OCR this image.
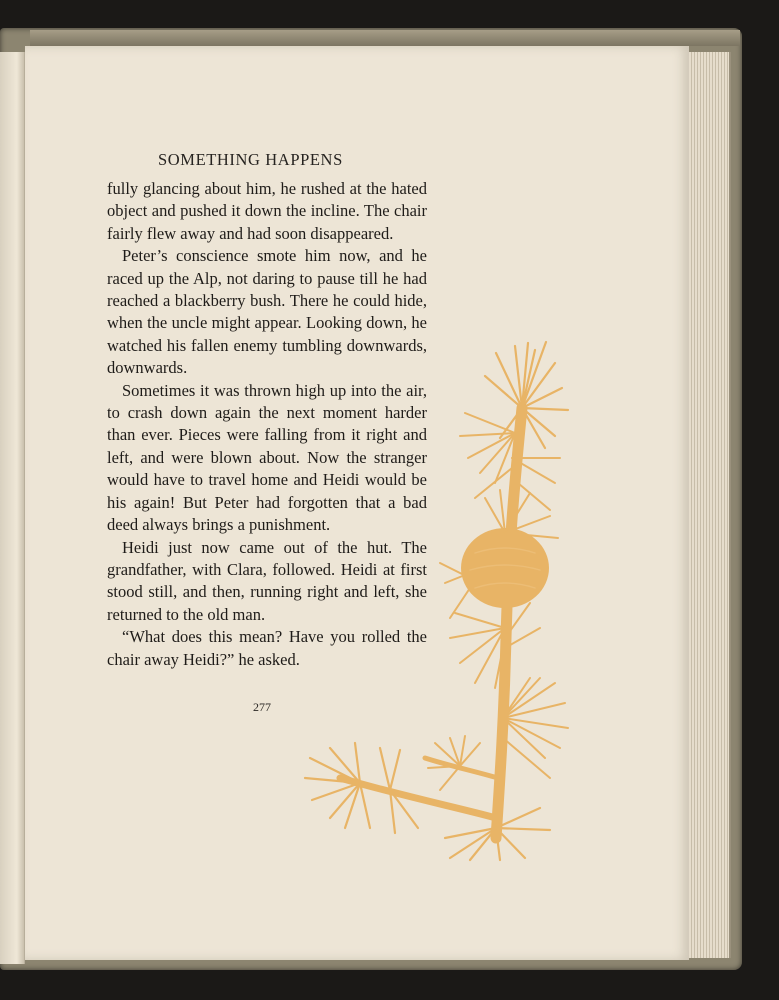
SOMETHING HAPPENS

fully glancing about him, he rushed at the hated object and pushed it down the incline. The chair fairly flew away and had soon disappeared.

Peter’s conscience smote him now, and he raced up the Alp, not daring to pause till he had reached a blackberry bush. There he could hide, when the uncle might appear. Looking down, he watched his fallen enemy tumbling downwards, downwards.

Sometimes it was thrown high up into the air, to crash down again the next moment harder than ever. Pieces were falling from it right and left, and were blown about. Now the stranger would have to travel home and Heidi would be his again! But Peter had forgotten that a bad deed always brings a punishment.

Heidi just now came out of the hut. The grandfather, with Clara, followed. Heidi at first stood still, and then, running right and left, she returned to the old man.

“What does this mean? Have you rolled the chair away Heidi?” he asked.

277
